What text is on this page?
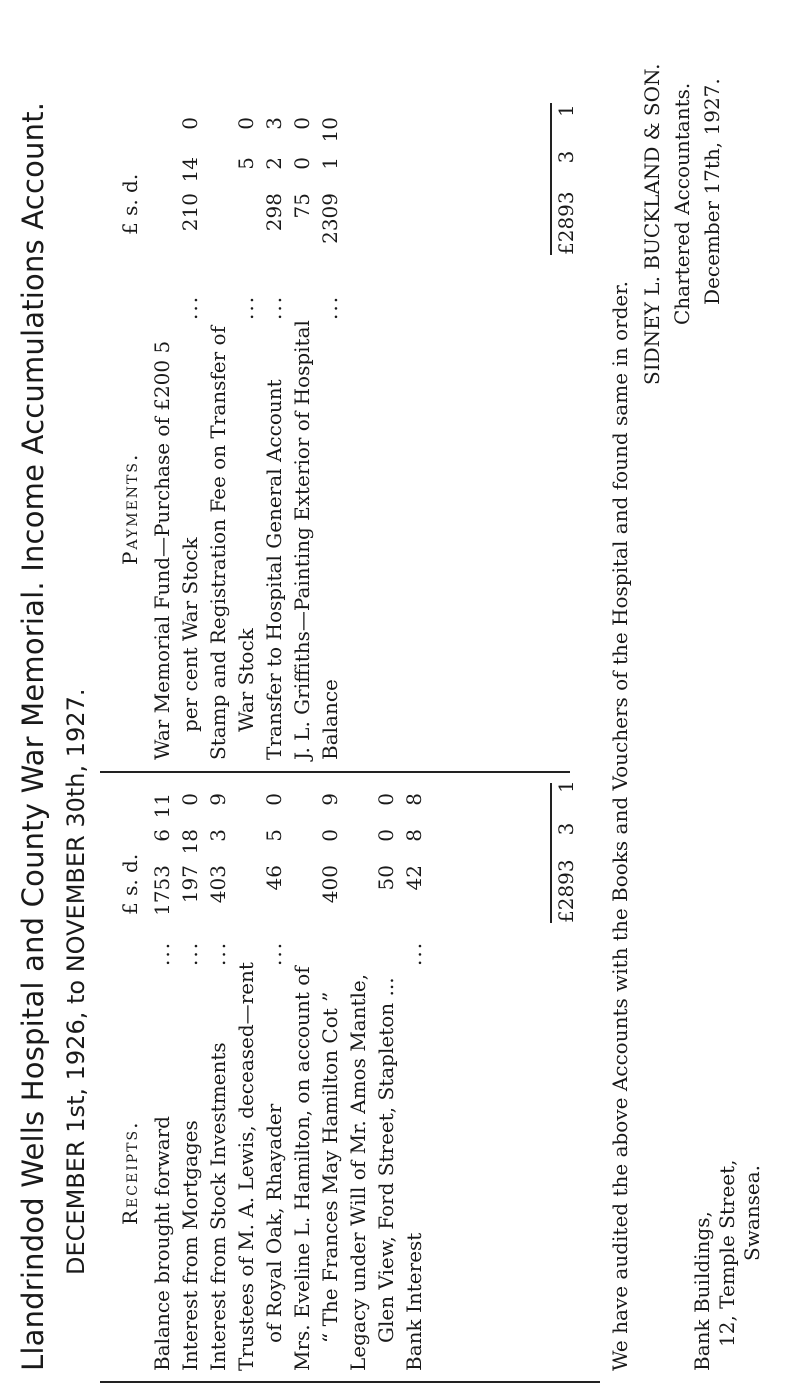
Llandrindod Wells Hospital and County War Memorial. Income Accumulations Account. DECEMBER 1st, 1926, to NOVEMBER 30th, 1927. Receipts.
£ s. d.
Balance brought forward
...
1753611
Interest from Mortgages
...
197180
Interest from Stock Investments
...
40339
Trustees of M. A. Lewis, deceased—rent of Royal Oak, Rhayader
...
4650
Mrs. Eveline L. Hamilton, on account of “ The Frances May Hamilton Cot ”
40009
Legacy under Will of Mr. Amos Mantle, Glen View, Ford Street, Stapleton ...
5000
Bank Interest
...
4288
£2893 3 1
Payments.
£ s. d.
War Memorial Fund—Purchase of £200 5 per cent War Stock
...
210140
Stamp and Registration Fee on Transfer of War Stock
...
50
Transfer to Hospital General Account
...
29823
J. L. Griffiths—Painting Exterior of Hospital
7500
Balance
...
2309110
£2893 3 1
We have audited the above Accounts with the Books and Vouchers of the Hospital and found same in order.
SIDNEY L. BUCKLAND & SON. Chartered Accountants. December 17th, 1927.
Bank Buildings, 12, Temple Street, Swansea.
